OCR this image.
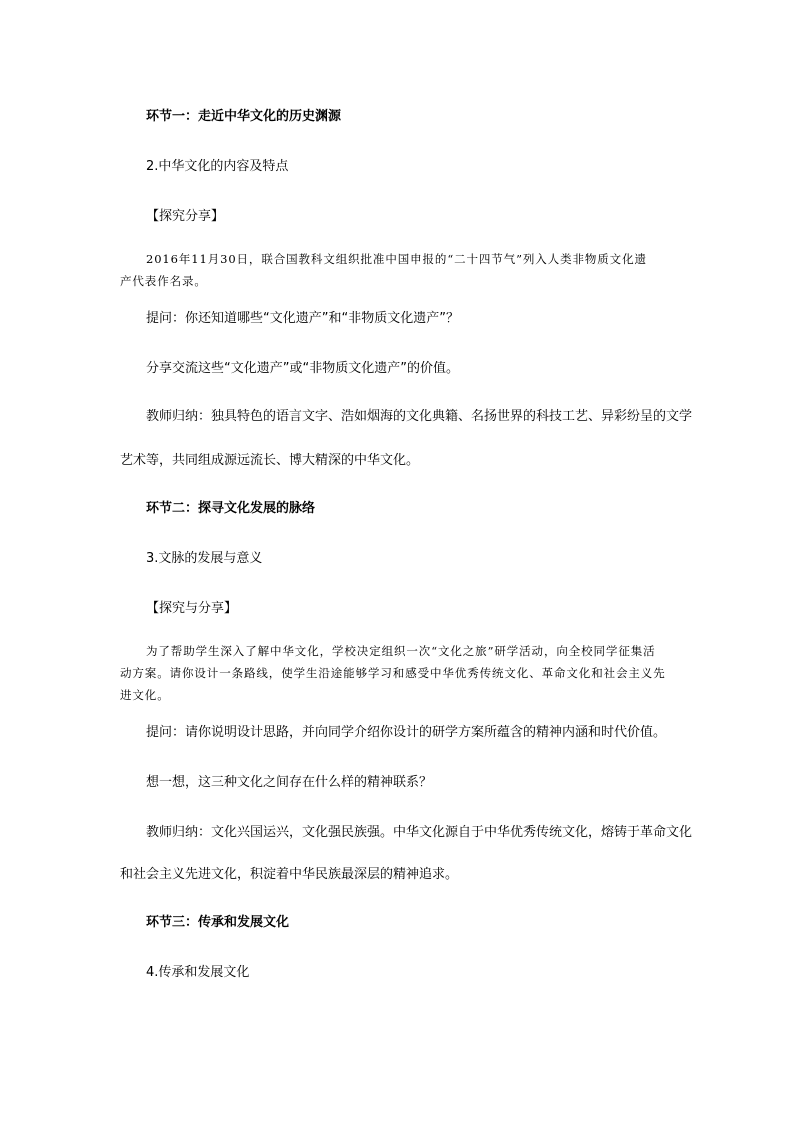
环节一：走近中华文化的历史渊源
2.中华文化的内容及特点
【探究分享】
2016年11月30日，联合国教科文组织批准中国申报的“二十四节气”列入人类非物质文化遗
产代表作名录。
提问：你还知道哪些“文化遗产”和“非物质文化遗产”？
分享交流这些“文化遗产”或“非物质文化遗产”的价值。
教师归纳：独具特色的语言文字、浩如烟海的文化典籍、名扬世界的科技工艺、异彩纷呈的文学
艺术等，共同组成源远流长、博大精深的中华文化。
环节二：探寻文化发展的脉络
3.文脉的发展与意义
【探究与分享】
为了帮助学生深入了解中华文化，学校决定组织一次“文化之旅”研学活动，向全校同学征集活
动方案。请你设计一条路线，使学生沿途能够学习和感受中华优秀传统文化、革命文化和社会主义先
进文化。
提问：请你说明设计思路，并向同学介绍你设计的研学方案所蕴含的精神内涵和时代价值。
想一想，这三种文化之间存在什么样的精神联系？
教师归纳：文化兴国运兴，文化强民族强。中华文化源自于中华优秀传统文化，熔铸于革命文化
和社会主义先进文化，积淀着中华民族最深层的精神追求。
环节三：传承和发展文化
4.传承和发展文化
